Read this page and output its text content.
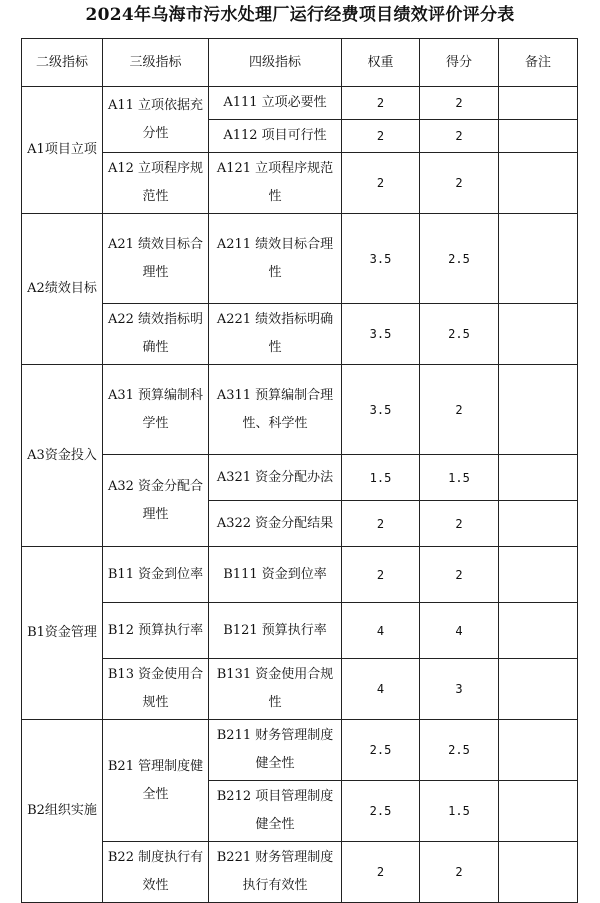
2024年乌海市污水处理厂运行经费项目绩效评价评分表
二级指标	三级指标	四级指标	权重	得分	备注
A1项目立项	A11 立项依据充分性	A111 立项必要性	2	2	
		A112 项目可行性	2	2	
	A12 立项程序规范性	A121 立项程序规范性	2	2	
A2绩效目标	A21 绩效目标合理性	A211 绩效目标合理性	3.5	2.5	
	A22 绩效指标明确性	A221 绩效指标明确性	3.5	2.5	
A3资金投入	A31 预算编制科学性	A311 预算编制合理性、科学性	3.5	2	
	A32 资金分配合理性	A321 资金分配办法	1.5	1.5	
		A322 资金分配结果	2	2	
B1资金管理	B11 资金到位率	B111 资金到位率	2	2	
	B12 预算执行率	B121 预算执行率	4	4	
	B13 资金使用合规性	B131 资金使用合规性	4	3	
B2组织实施	B21 管理制度健全性	B211 财务管理制度健全性	2.5	2.5	
		B212 项目管理制度健全性	2.5	1.5	
	B22 制度执行有效性	B221 财务管理制度执行有效性	2	2	
